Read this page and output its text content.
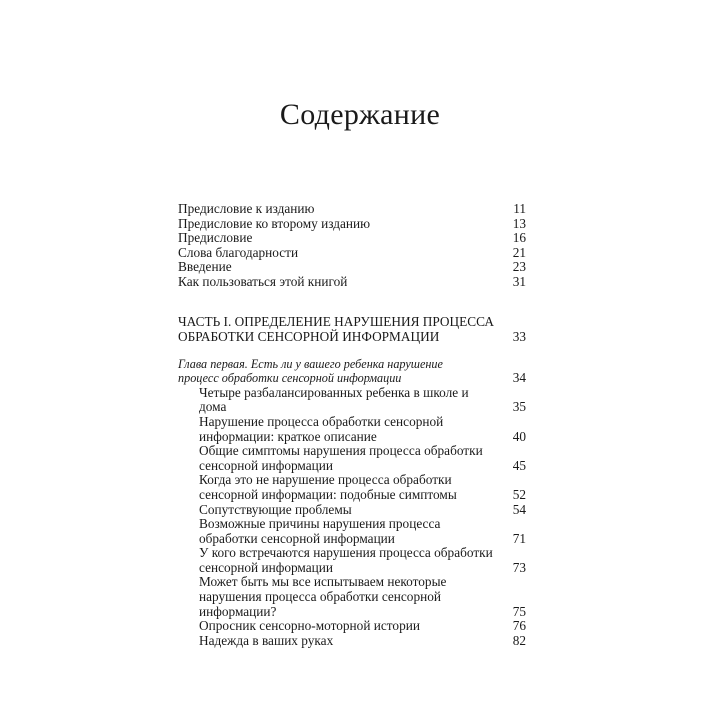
Содержание
Предисловие к изданию	11
Предисловие ко второму изданию	13
Предисловие	16
Слова благодарности	21
Введение	23
Как пользоваться этой книгой	31
ЧАСТЬ I. ОПРЕДЕЛЕНИЕ НАРУШЕНИЯ ПРОЦЕССА
ОБРАБОТКИ СЕНСОРНОЙ ИНФОРМАЦИИ	33
Глава первая. Есть ли у вашего ребенка нарушение
процесс обработки сенсорной информации	34
Четыре разбалансированных ребенка в школе и дома	35
Нарушение процесса обработки сенсорной
информации: краткое описание	40
Общие симптомы нарушения процесса обработки
сенсорной информации	45
Когда это не нарушение процесса обработки
сенсорной информации: подобные симптомы	52
Сопутствующие проблемы	54
Возможные причины нарушения процесса
обработки сенсорной информации	71
У кого встречаются нарушения процесса обработки
сенсорной информации	73
Может быть мы все испытываем некоторые
нарушения процесса обработки сенсорной
информации?	75
Опросник сенсорно-моторной истории	76
Надежда в ваших руках	82
